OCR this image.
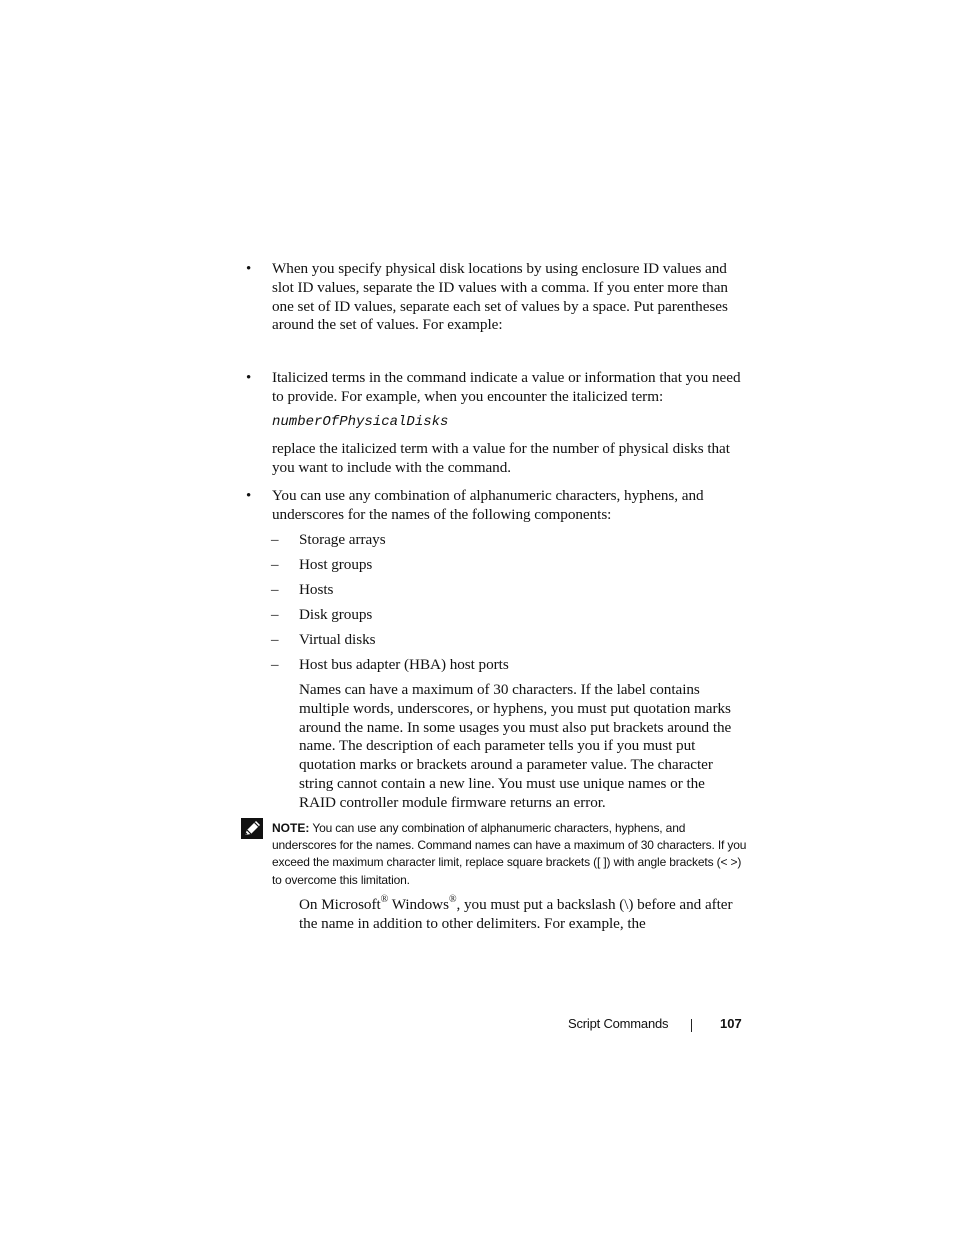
•	When you specify physical disk locations by using enclosure ID values and slot ID values, separate the ID values with a comma. If you enter more than one set of ID values, separate each set of values by a space. Put parentheses around the set of values. For example:

•	Italicized terms in the command indicate a value or information that you need to provide. For example, when you encounter the italicized term:

numberOfPhysicalDisks

replace the italicized term with a value for the number of physical disks that you want to include with the command.

•	You can use any combination of alphanumeric characters, hyphens, and underscores for the names of the following components:

– Storage arrays

– Host groups

– Hosts

– Disk groups

– Virtual disks

– Host bus adapter (HBA) host ports

Names can have a maximum of 30 characters. If the label contains multiple words, underscores, or hyphens, you must put quotation marks around the name. In some usages you must also put brackets around the name. The description of each parameter tells you if you must put quotation marks or brackets around a parameter value. The character string cannot contain a new line. You must use unique names or the RAID controller module firmware returns an error.

NOTE: You can use any combination of alphanumeric characters, hyphens, and underscores for the names. Command names can have a maximum of 30 characters. If you exceed the maximum character limit, replace square brackets ([ ]) with angle brackets (< >) to overcome this limitation.

On Microsoft® Windows®, you must put a backslash (\) before and after the name in addition to other delimiters. For example, the

Script Commands	107
